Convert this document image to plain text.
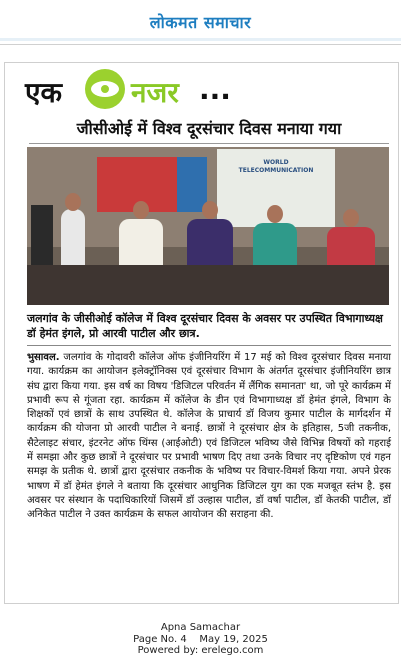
लोकमत समाचार
एक नजर ...
जीसीओई में विश्व दूरसंचार दिवस मनाया गया
WORLD
TELECOMMUNICATION
जलगांव के जीसीओई कॉलेज में विश्व दूरसंचार दिवस के अवसर पर उपस्थित विभागाध्यक्ष डॉ हेमंत इंगले, प्रो आरवी पाटील और छात्र.
भुसावल. जलगांव के गोदावरी कॉलेज ऑफ इंजीनियरिंग में 17 मई को विश्व दूरसंचार दिवस मनाया गया. कार्यक्रम का आयोजन इलेक्ट्रॉनिक्स एवं दूरसंचार विभाग के अंतर्गत दूरसंचार इंजीनियरिंग छात्र संघ द्वारा किया गया. इस वर्ष का विषय 'डिजिटल परिवर्तन में लैंगिक समानता' था, जो पूरे कार्यक्रम में प्रभावी रूप से गूंजता रहा. कार्यक्रम में कॉलेज के डीन एवं विभागाध्यक्ष डॉ हेमंत इंगले, विभाग के शिक्षकों एवं छात्रों के साथ उपस्थित थे. कॉलेज के प्राचार्य डॉ विजय कुमार पाटील के मार्गदर्शन में कार्यक्रम की योजना प्रो आरवी पाटील ने बनाई. छात्रों ने दूरसंचार क्षेत्र के इतिहास, 5जी तकनीक, सैटेलाइट संचार, इंटरनेट ऑफ थिंग्स (आईओटी) एवं डिजिटल भविष्य जैसे विभिन्न विषयों को गहराई में समझा और कुछ छात्रों ने दूरसंचार पर प्रभावी भाषण दिए तथा उनके विचार नए दृष्टिकोण एवं गहन समझ के प्रतीक थे. छात्रों द्वारा दूरसंचार तकनीक के भविष्य पर विचार-विमर्श किया गया. अपने प्रेरक भाषण में डॉ हेमंत इंगले ने बताया कि दूरसंचार आधुनिक डिजिटल युग का एक मजबूत स्तंभ है. इस अवसर पर संस्थान के पदाधिकारियों जिसमें डॉ उल्हास पाटील, डॉ वर्षा पाटील, डॉ केतकी पाटील, डॉ अनिकेत पाटील ने उक्त कार्यक्रम के सफल आयोजन की सराहना की.
Apna Samachar
Page No. 4    May 19, 2025
Powered by: erelego.com
